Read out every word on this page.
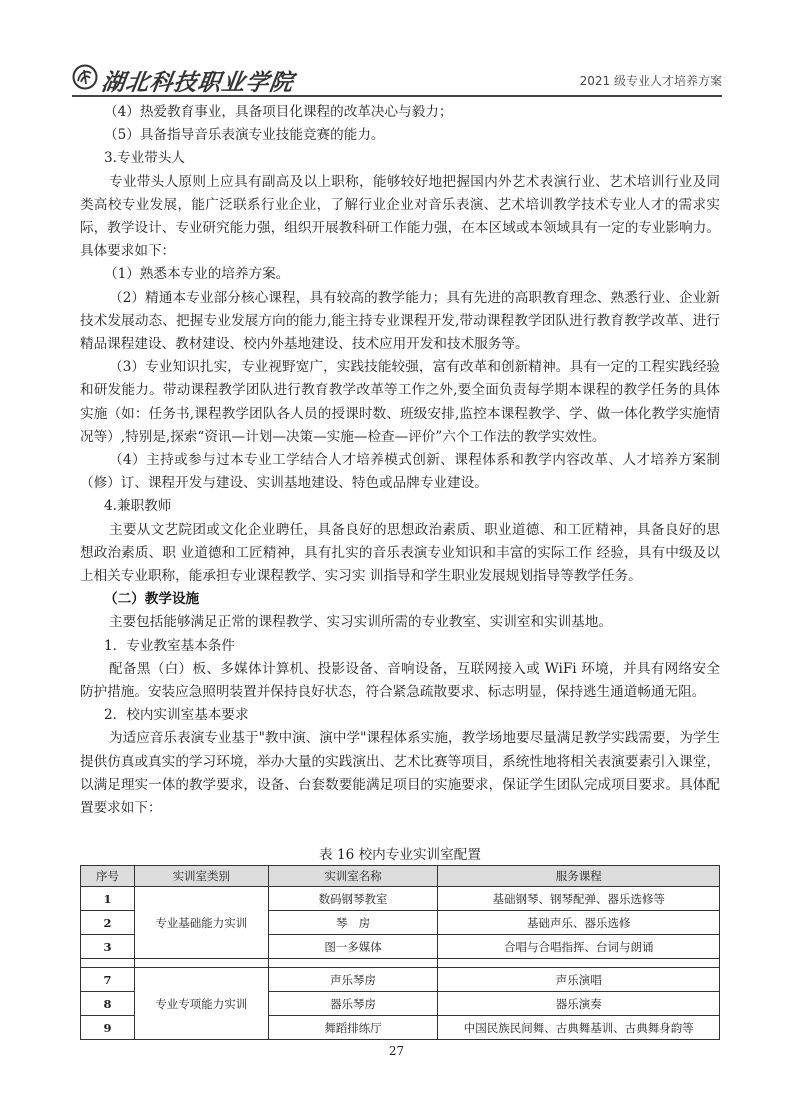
湖北科技职业学院	2021 级专业人才培养方案

（4）热爱教育事业，具备项目化课程的改革决心与毅力；

（5）具备指导音乐表演专业技能竞赛的能力。

3.专业带头人

专业带头人原则上应具有副高及以上职称，能够较好地把握国内外艺术表演行业、艺术培训行业及同类高校专业发展，能广泛联系行业企业，了解行业企业对音乐表演、艺术培训教学技术专业人才的需求实际，教学设计、专业研究能力强，组织开展教科研工作能力强，在本区域或本领域具有一定的专业影响力。具体要求如下：

（1）熟悉本专业的培养方案。

（2）精通本专业部分核心课程，具有较高的教学能力；具有先进的高职教育理念、熟悉行业、企业新技术发展动态、把握专业发展方向的能力,能主持专业课程开发,带动课程教学团队进行教育教学改革、进行精品课程建设、教材建设、校内外基地建设、技术应用开发和技术服务等。

（3）专业知识扎实，专业视野宽广，实践技能较强，富有改革和创新精神。具有一定的工程实践经验和研发能力。带动课程教学团队进行教育教学改革等工作之外,要全面负责每学期本课程的教学任务的具体实施（如：任务书,课程教学团队各人员的授课时数、班级安排,监控本课程教学、学、做一体化教学实施情况等）,特别是,探索“资讯—计划—决策—实施—检查—评价”六个工作法的教学实效性。

（4）主持或参与过本专业工学结合人才培养模式创新、课程体系和教学内容改革、人才培养方案制（修）订、课程开发与建设、实训基地建设、特色或品牌专业建设。

4.兼职教师

主要从文艺院团或文化企业聘任，具备良好的思想政治素质、职业道德、和工匠精神，具备良好的思想政治素质、职 业道德和工匠精神，具有扎实的音乐表演专业知识和丰富的实际工作 经验，具有中级及以上相关专业职称，能承担专业课程教学、实习实 训指导和学生职业发展规划指导等教学任务。

（二）教学设施

主要包括能够满足正常的课程教学、实习实训所需的专业教室、实训室和实训基地。

1．专业教室基本条件

配备黑（白）板、多媒体计算机、投影设备、音响设备，互联网接入或 WiFi 环境，并具有网络安全防护措施。安装应急照明装置并保持良好状态，符合紧急疏散要求、标志明显，保持逃生通道畅通无阻。

2．校内实训室基本要求

为适应音乐表演专业基于"教中演、演中学"课程体系实施，教学场地要尽量满足教学实践需要，为学生提供仿真或真实的学习环境，举办大量的实践演出、艺术比赛等项目，系统性地将相关表演要素引入课堂，以满足理实一体的教学要求，设备、台套数要能满足项目的实施要求，保证学生团队完成项目要求。具体配置要求如下：

表 16 校内专业实训室配置
序号	实训室类别	实训室名称	服务课程
1	专业基础能力实训	数码钢琴教室	基础钢琴、钢琴配弹、器乐选修等
2		琴　房	基础声乐、器乐选修
3		图一多媒体	合唱与合唱指挥、台词与朗诵

7	专业专项能力实训	声乐琴房	声乐演唱
8		器乐琴房	器乐演奏
9		舞蹈排练厅	中国民族民间舞、古典舞基训、古典舞身韵等
27
